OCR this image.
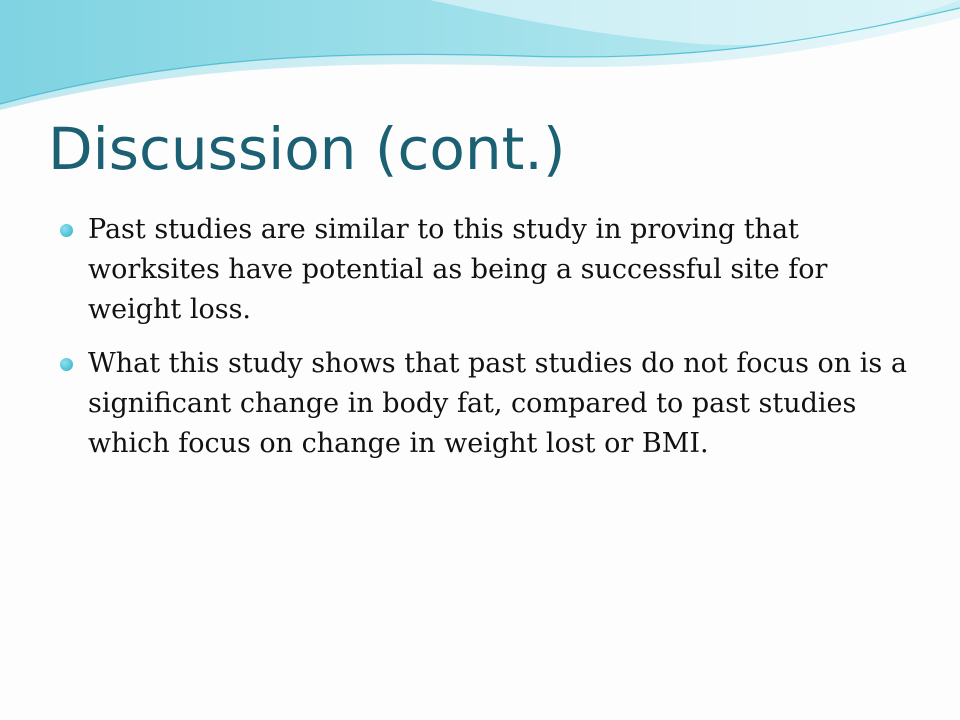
Discussion (cont.)
Past studies are similar to this study in proving that worksites have potential as being a successful site for weight loss.
What this study shows that past studies do not focus on is a significant change in body fat, compared to past studies which focus on change in weight lost or BMI.
